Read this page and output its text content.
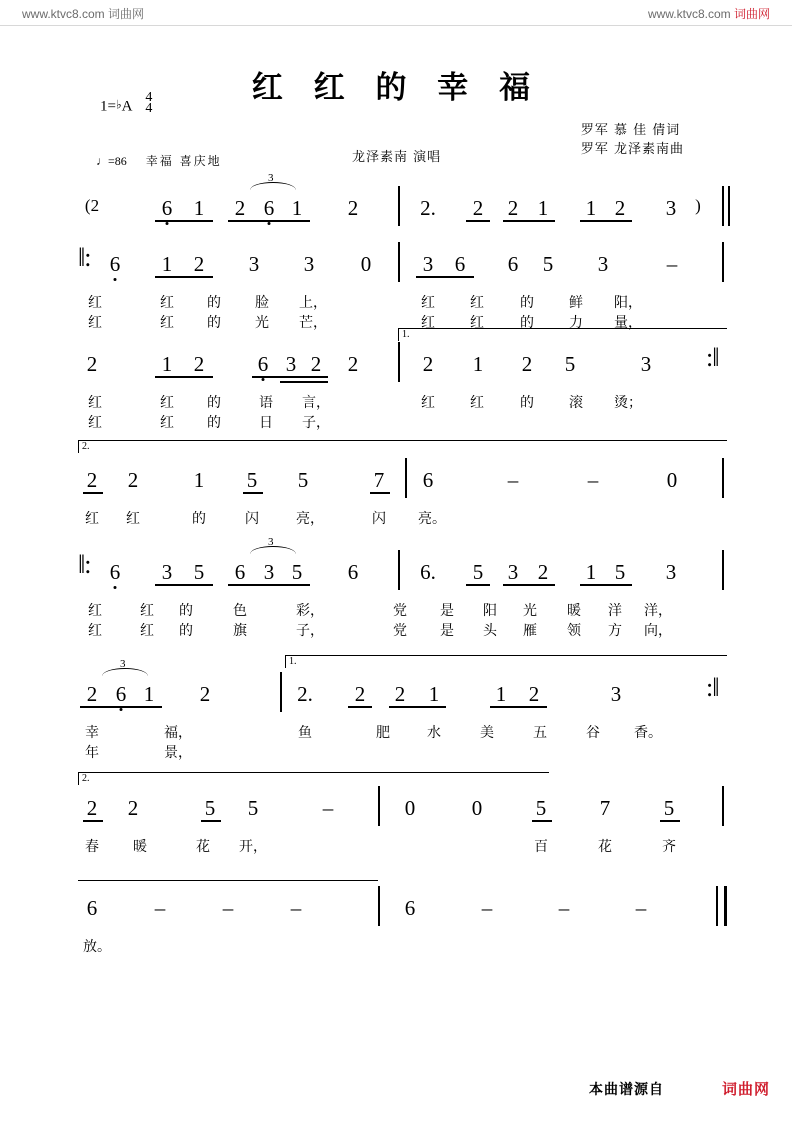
www.ktvc8.com 词曲网	www.ktvc8.com 词曲网
红 红 的 幸 福
1=♭A
4
4
♩=86 幸福 喜庆地	龙泽素南 演唱
罗军 慕 佳 倩词
罗军 龙泽素南曲
(2	6 1 2 6 1
3
2	2. 2 2 1 1 2 3 )
‖: 6 1 2 3 3 0 3 6 6 5 3	–
红	红 的 脸 上，	红	红	的	鲜 阳，
红	红 的 光 芒，	红	红	的	力 量，
1.
2	1 2	6 3 2 2	2 1 2 5	3 :‖
红	红 的	语 言，	红	红	的	滚 烫；
红	红 的	日 子，
2.
2 2	1 5 5	7 6	–	–	0
红 红	的	闪	亮，	闪 亮。
‖: 6 3 5 6 3 5
3
6	6. 5 3 2 1 5 3
红	红 的	色	彩，	党 是 阳 光 暖 洋 洋，
红	红 的	旗	子，	党 是 头 雁 领 方 向，
1.
2 6 1
3
2	2. 2 2 1	1 2	3	:‖
幸	福，	鱼	肥	水	美	五	谷 香。
年	景，
2.
2 2	5 5	–	0	0	5	7	5
春 暖	花 开，	百	花	齐
6	–	–	–	6	–	–	–
放。
本曲谱源自	词曲网
